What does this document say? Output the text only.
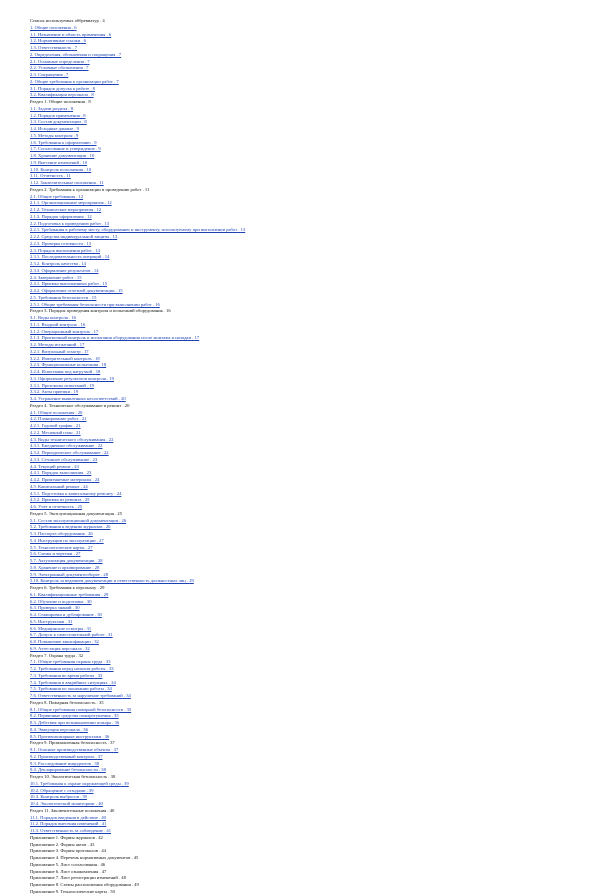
Список используемых аббревиатур . 4
1. Общие положения . 6
1.1. Назначение и область применения . 6
1.2. Нормативные ссылки . 6
1.3. Ответственность . 7
2. Определения, обозначения и сокращения . 7
2.1. Основные определения . 7
2.2. Условные обозначения . 7
2.3. Сокращения . 7
3. Общие требования к организации работ . 7
3.1. Порядок допуска к работе . 8
3.2. Квалификация персонала . 8
Раздел 1. Общие положения . 8
1.1. Задачи раздела . 8
1.2. Порядок применения . 8
1.3. Состав документации . 8
1.4. Исходные данные . 9
1.5. Методы контроля . 9
1.6. Требования к оформлению . 9
1.7. Согласование и утверждение . 9
1.8. Хранение документации . 10
1.9. Внесение изменений . 10
1.10. Контроль исполнения . 10
1.11. Отчетность . 11
1.12. Заключительные положения . 11
Раздел 2. Требования к организации и проведению работ . 11
2.1. Общие требования . 12
2.1.1. Организационные мероприятия . 12
2.1.2. Технические мероприятия . 12
2.1.3. Порядок оформления . 12
2.2. Подготовка к проведению работ . 13
2.2.1. Требования к рабочему месту, оборудованию и инструменту, используемому при выполнении работ . 13
2.2.2. Средства индивидуальной защиты . 13
2.2.3. Проверка готовности . 13
2.3. Порядок выполнения работ . 14
2.3.1. Последовательность операций . 14
2.3.2. Контроль качества . 14
2.3.3. Оформление результатов . 14
2.4. Завершение работ . 15
2.4.1. Приемка выполненных работ . 15
2.4.2. Оформление отчетной документации . 15
2.5. Требования безопасности . 15
2.5.1. Общие требования безопасности при выполнении работ . 16
Раздел 3. Порядок проведения контроля и испытаний оборудования . 16
3.1. Виды контроля . 16
3.1.1. Входной контроль . 16
3.1.2. Операционный контроль . 17
3.1.3. Приемочный контроль и испытания оборудования после монтажа и наладки . 17
3.2. Методы испытаний . 17
3.2.1. Визуальный осмотр . 17
3.2.2. Измерительный контроль . 18
3.2.3. Функциональные испытания . 18
3.2.4. Испытания под нагрузкой . 18
3.3. Оформление результатов контроля . 19
3.3.1. Протоколы испытаний . 19
3.3.2. Акты приемки . 19
3.4. Устранение выявленных несоответствий . 20
Раздел 4. Техническое обслуживание и ремонт . 20
4.1. Общие положения . 20
4.2. Планирование работ . 21
4.2.1. Годовой график . 21
4.2.2. Месячный план . 21
4.3. Виды технического обслуживания . 22
4.3.1. Ежедневное обслуживание . 22
4.3.2. Периодическое обслуживание . 22
4.3.3. Сезонное обслуживание . 23
4.4. Текущий ремонт . 23
4.4.1. Порядок выполнения . 23
4.4.2. Применяемые материалы . 24
4.5. Капитальный ремонт . 24
4.5.1. Подготовка к капитальному ремонту . 24
4.5.2. Приемка из ремонта . 25
4.6. Учет и отчетность . 25
Раздел 5. Эксплуатационная документация . 25
5.1. Состав эксплуатационной документации . 26
5.2. Требования к ведению журналов . 26
5.3. Паспорта оборудования . 26
5.4. Инструкции по эксплуатации . 27
5.5. Технологические карты . 27
5.6. Схемы и чертежи . 27
5.7. Актуализация документации . 28
5.8. Хранение и архивирование . 28
5.9. Электронный документооборот . 28
5.10. Контроль за ведением документации и ответственность должностных лиц . 29
Раздел 6. Требования к персоналу . 29
6.1. Квалификационные требования . 29
6.2. Обучение и подготовка . 30
6.3. Проверка знаний . 30
6.4. Стажировка и дублирование . 30
6.5. Инструктажи . 31
6.6. Медицинские осмотры . 31
6.7. Допуск к самостоятельной работе . 31
6.8. Повышение квалификации . 32
6.9. Аттестация персонала . 32
Раздел 7. Охрана труда . 32
7.1. Общие требования охраны труда . 33
7.2. Требования перед началом работы . 33
7.3. Требования во время работы . 33
7.4. Требования в аварийных ситуациях . 34
7.5. Требования по окончании работы . 34
7.6. Ответственность за нарушение требований . 34
Раздел 8. Пожарная безопасность . 35
8.1. Общие требования пожарной безопасности . 35
8.2. Первичные средства пожаротушения . 35
8.3. Действия при возникновении пожара . 36
8.4. Эвакуация персонала . 36
8.5. Противопожарные инструктажи . 36
Раздел 9. Промышленная безопасность . 37
9.1. Опасные производственные объекты . 37
9.2. Производственный контроль . 37
9.3. Расследование инцидентов . 38
9.4. Декларирование безопасности . 38
Раздел 10. Экологическая безопасность . 38
10.1. Требования к охране окружающей среды . 39
10.2. Обращение с отходами . 39
10.3. Контроль выбросов . 39
10.4. Экологический мониторинг . 40
Раздел 11. Заключительные положения . 40
11.1. Порядок введения в действие . 40
11.2. Порядок внесения изменений . 41
11.3. Ответственность за соблюдение . 41
Приложение 1. Формы журналов . 42
Приложение 2. Формы актов . 43
Приложение 3. Формы протоколов . 44
Приложение 4. Перечень нормативных документов . 45
Приложение 5. Лист согласования . 46
Приложение 6. Лист ознакомления . 47
Приложение 7. Лист регистрации изменений . 48
Приложение 8. Схемы расположения оборудования . 49
Приложение 9. Технологические карты . 50
